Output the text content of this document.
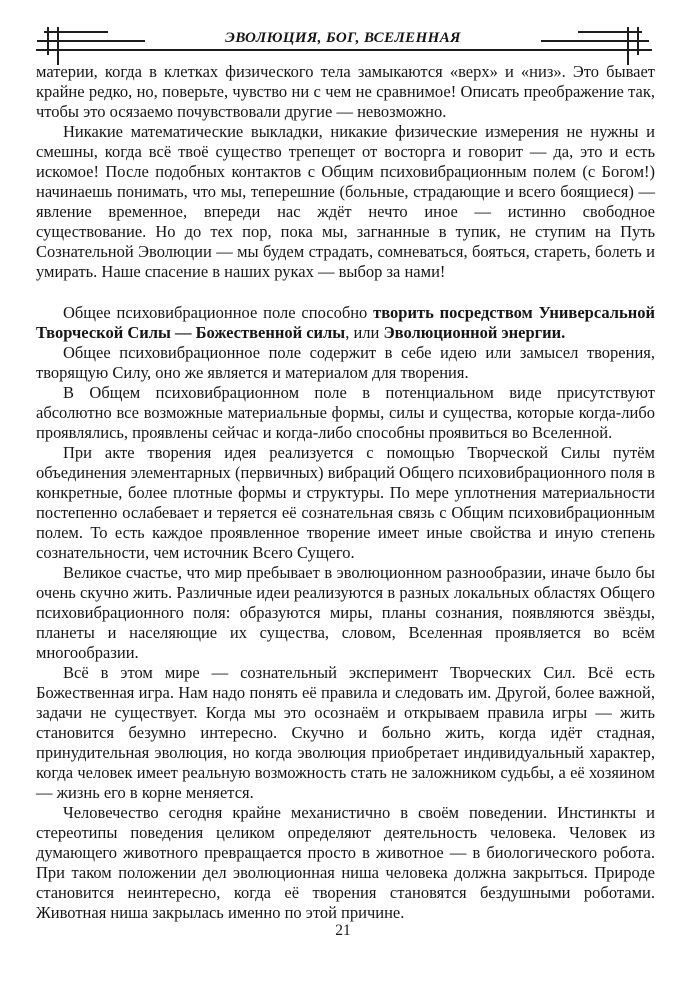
ЭВОЛЮЦИЯ, БОГ, ВСЕЛЕННАЯ

материи, когда в клетках физического тела замыкаются «верх» и «низ». Это бывает крайне редко, но, поверьте, чувство ни с чем не сравнимое! Описать преображение так, чтобы это осязаемо почувствовали другие — невозможно.

Никакие математические выкладки, никакие физические измерения не нужны и смешны, когда всё твоё существо трепещет от восторга и говорит — да, это и есть искомое! После подобных контактов с Общим психовибрационным полем (с Богом!) начинаешь понимать, что мы, теперешние (больные, страдающие и всего боящиеся) — явление временное, впереди нас ждёт нечто иное — истинно свободное существование. Но до тех пор, пока мы, загнанные в тупик, не ступим на Путь Сознательной Эволюции — мы будем страдать, сомневаться, бояться, стареть, болеть и умирать. Наше спасение в наших руках — выбор за нами!

Общее психовибрационное поле способно творить посредством Универсальной Творческой Силы — Божественной силы, или Эволюционной энергии.

Общее психовибрационное поле содержит в себе идею или замысел творения, творящую Силу, оно же является и материалом для творения.

В Общем психовибрационном поле в потенциальном виде присутствуют абсолютно все возможные материальные формы, силы и существа, которые когда-либо проявлялись, проявлены сейчас и когда-либо способны проявиться во Вселенной.

При акте творения идея реализуется с помощью Творческой Силы путём объединения элементарных (первичных) вибраций Общего психовибрационного поля в конкретные, более плотные формы и структуры. По мере уплотнения материальности постепенно ослабевает и теряется её сознательная связь с Общим психовибрационным полем. То есть каждое проявленное творение имеет иные свойства и иную степень сознательности, чем источник Всего Сущего.

Великое счастье, что мир пребывает в эволюционном разнообразии, иначе было бы очень скучно жить. Различные идеи реализуются в разных локальных областях Общего психовибрационного поля: образуются миры, планы сознания, появляются звёзды, планеты и населяющие их существа, словом, Вселенная проявляется во всём многообразии.

Всё в этом мире — сознательный эксперимент Творческих Сил. Всё есть Божественная игра. Нам надо понять её правила и следовать им. Другой, более важной, задачи не существует. Когда мы это осознаём и открываем правила игры — жить становится безумно интересно. Скучно и больно жить, когда идёт стадная, принудительная эволюция, но когда эволюция приобретает индивидуальный характер, когда человек имеет реальную возможность стать не заложником судьбы, а её хозяином — жизнь его в корне меняется.

Человечество сегодня крайне механистично в своём поведении. Инстинкты и стереотипы поведения целиком определяют деятельность человека. Человек из думающего животного превращается просто в животное — в биологического робота. При таком положении дел эволюционная ниша человека должна закрыться. Природе становится неинтересно, когда её творения становятся бездушными роботами. Животная ниша закрылась именно по этой причине.

21
